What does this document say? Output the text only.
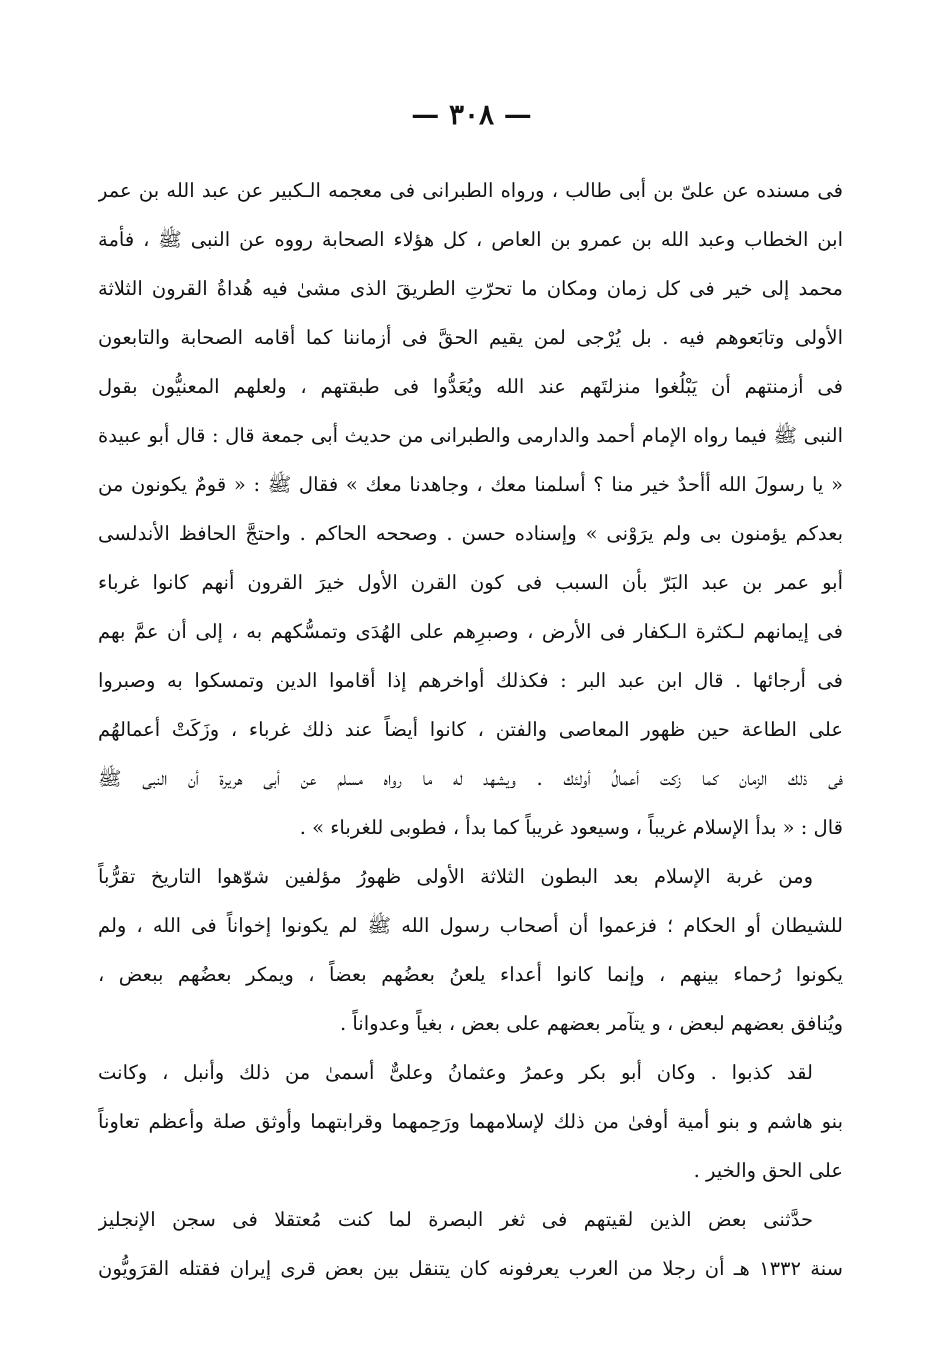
— ٣٠٨ —
فى مسنده عن علىّ بن أبى طالب ، ورواه الطبرانى فى معجمه الـكبير عن عبد الله بن عمر
ابن الخطاب وعبد الله بن عمرو بن العاص ، كل هؤلاء الصحابة رووه عن النبى ﷺ ، فأمة
محمد إلى خير فى كل زمان ومكان ما تحرّتِ الطريقَ الذى مشىٰ فيه هُداةُ القرون الثلاثة
الأولى وتابَعوهم فيه . بل يُرْجى لمن يقيم الحقَّ فى أزماننا كما أقامه الصحابة والتابعون
فى أزمنتهم أن يَبْلُغوا منزلتَهم عند الله ويُعَدُّوا فى طبقتهم ، ولعلهم المعنيُّون بقول
النبى ﷺ فيما رواه الإمام أحمد والدارمى والطبرانى من حديث أبى جمعة قال : قال أبو عبيدة
« يا رسولَ الله أأحدٌ خير منا ؟ أسلمنا معك ، وجاهدنا معك » فقال ﷺ : « قومٌ يكونون من
بعدكم يؤمنون بى ولم يرَوْنى » وإسناده حسن . وصححه الحاكم . واحتجَّ الحافظ الأندلسى
أبو عمر بن عبد البَرّ بأن السبب فى كون القرن الأول خيرَ القرون أنهم كانوا غرباء
فى إيمانهم لـكثرة الـكفار فى الأرض ، وصبرِهم على الهُدَى وتمسُّكهم به ، إلى أن عمَّ بهم
فى أرجائها . قال ابن عبد البر : فكذلك أواخرهم إذا أقاموا الدين وتمسكوا به وصبروا
على الطاعة حين ظهور المعاصى والفتن ، كانوا أيضاً عند ذلك غرباء ، وزَكَتْ أعمالهُم
فى ذلك الزمان كما زكت أعمالُ أولئك . ويشهد له ما رواه مسلم عن أبى هريرة أن النبى ﷺ
قال : « بدأ الإسلام غريباً ، وسيعود غريباً كما بدأ ، فطوبى للغرباء » .
ومن غربة الإسلام بعد البطون الثلاثة الأولى ظهورُ مؤلفين شوّهوا التاريخ تقرُّباً
للشيطان أو الحكام ؛ فزعموا أن أصحاب رسول الله ﷺ لم يكونوا إخواناً فى الله ، ولم
يكونوا رُحماء بينهم ، وإنما كانوا أعداء يلعنُ بعضُهم بعضاً ، ويمكر بعضُهم ببعض ،
ويُنافق بعضهم لبعض ، و يتآمر بعضهم على بعض ، بغياً وعدواناً .
لقد كذبوا . وكان أبو بكر وعمرُ وعثمانُ وعلىٌّ أسمىٰ من ذلك وأنبل ، وكانت
بنو هاشم و بنو أمية أوفىٰ من ذلك لإسلامهما ورَحِمهما وقرابتهما وأوثق صلة وأعظم تعاوناً
على الحق والخير .
حدَّثنى بعض الذين لقيتهم فى ثغر البصرة لما كنت مُعتقلا فى سجن الإنجليز
سنة ١٣٣٢ هـ أن رجلا من العرب يعرفونه كان يتنقل بين بعض قرى إيران فقتله القرَويُّون
